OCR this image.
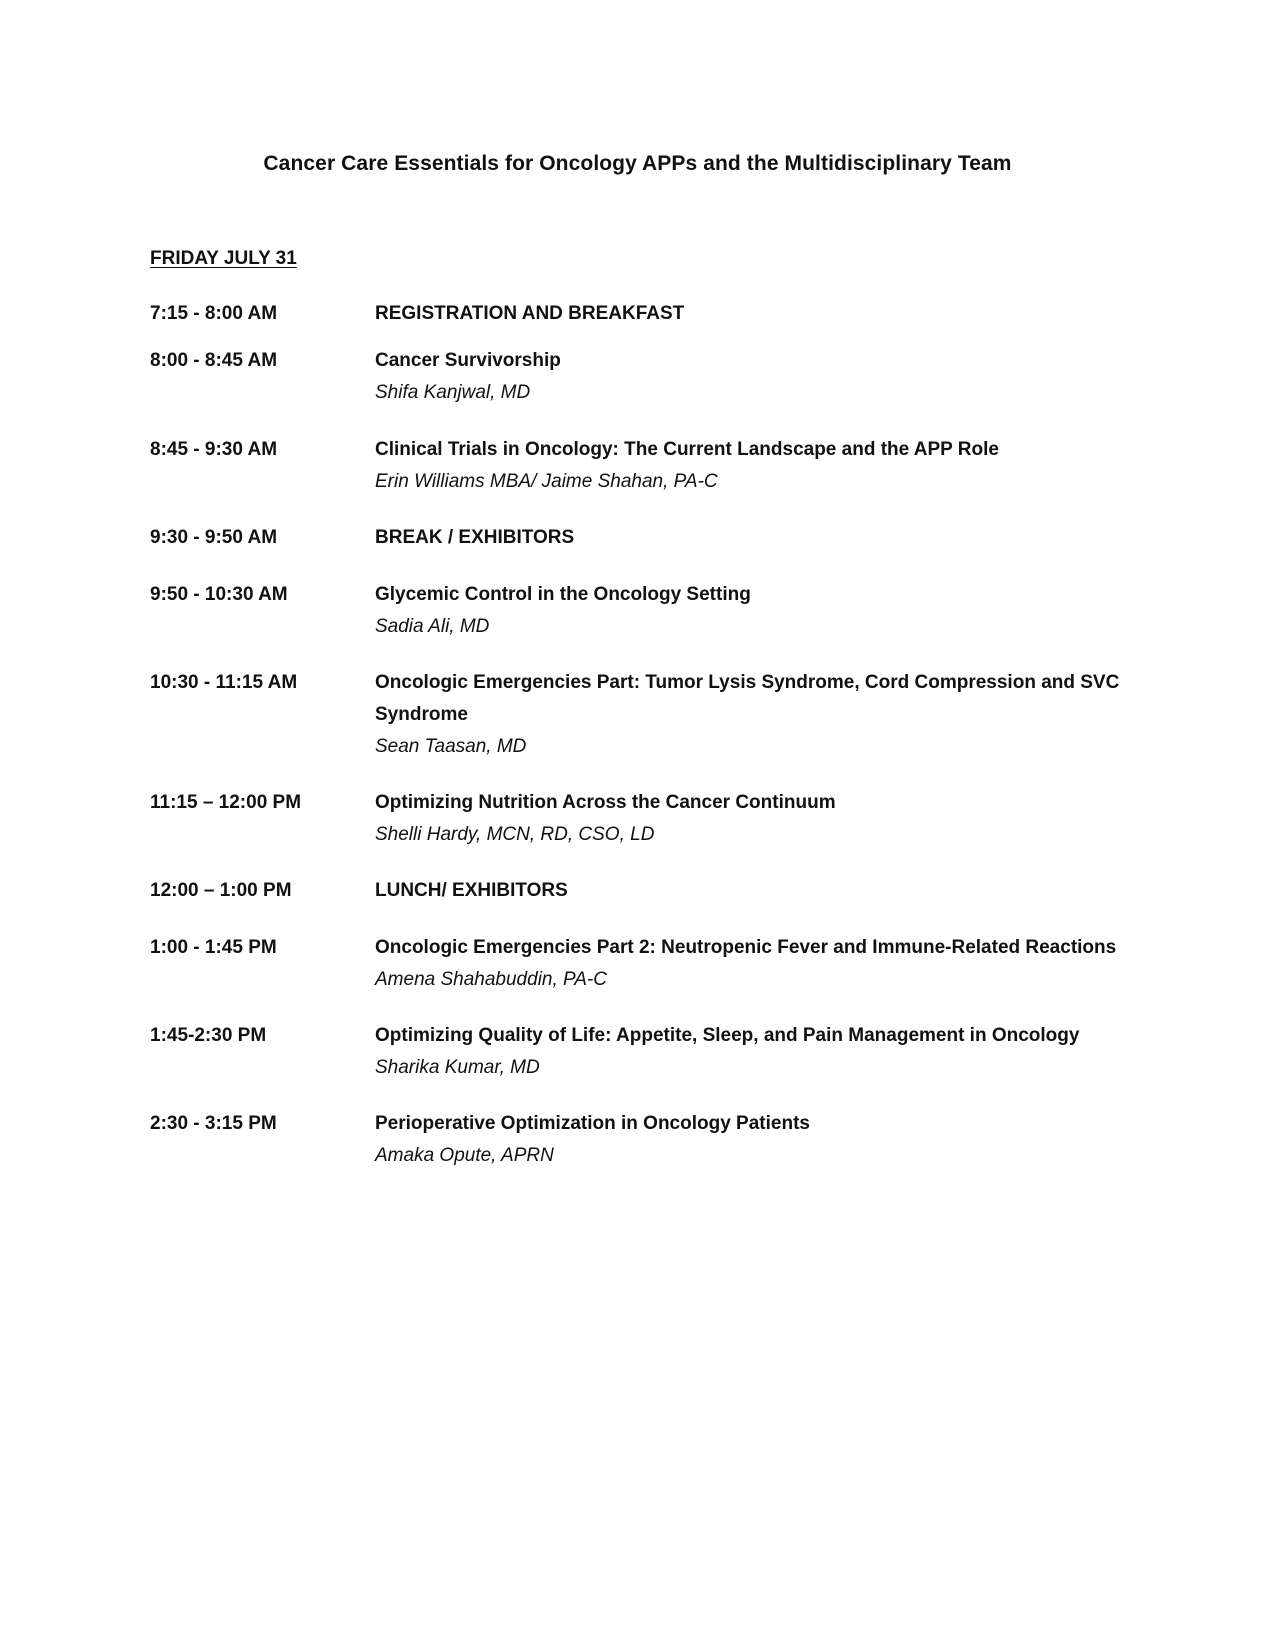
Cancer Care Essentials for Oncology APPs and the Multidisciplinary Team
FRIDAY JULY 31
7:15 - 8:00 AM	REGISTRATION AND BREAKFAST
8:00 - 8:45 AM	Cancer Survivorship
Shifa Kanjwal, MD
8:45 - 9:30 AM	Clinical Trials in Oncology: The Current Landscape and the APP Role
Erin Williams MBA/ Jaime Shahan, PA-C
9:30 - 9:50 AM	BREAK / EXHIBITORS
9:50 - 10:30 AM	Glycemic Control in the Oncology Setting
Sadia Ali, MD
10:30 - 11:15 AM	Oncologic Emergencies Part: Tumor Lysis Syndrome, Cord Compression and SVC Syndrome
Sean Taasan, MD
11:15 – 12:00 PM	Optimizing Nutrition Across the Cancer Continuum
Shelli Hardy, MCN, RD, CSO, LD
12:00 – 1:00 PM	LUNCH/ EXHIBITORS
1:00 - 1:45 PM	Oncologic Emergencies Part 2: Neutropenic Fever and Immune-Related Reactions
Amena Shahabuddin, PA-C
1:45-2:30 PM	Optimizing Quality of Life: Appetite, Sleep, and Pain Management in Oncology
Sharika Kumar, MD
2:30 - 3:15 PM	Perioperative Optimization in Oncology Patients
Amaka Opute, APRN
